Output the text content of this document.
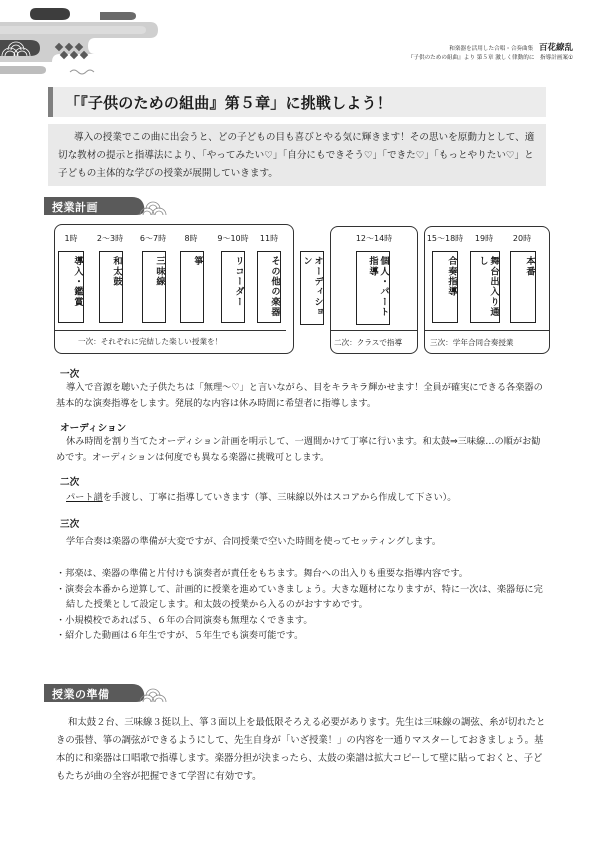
和楽器を活用した合唱・合奏曲集 百花繚乱
『子供のための組曲』より 第５章 激しく律動的に　指導計画案①
「『子供のための組曲』第５章」に挑戦しよう！
導入の授業でこの曲に出会うと、どの子どもの目も喜びとやる気に輝きます！その思いを原動力として、適切な教材の提示と指導法により、「やってみたい♡」「自分にもできそう♡」「できた♡」「もっとやりたい♡」と子どもの主体的な学びの授業が展開していきます。
授業計画
一次：それぞれに完結した楽しい授業を！
1時
導入・鑑賞
2〜3時
和太鼓
6〜7時
三味線
8時
箏
9〜10時
リコーダー
11時
その他の楽器	オーディション
12〜14時
個人・パート指導
二次：クラスで指導
15〜18時
合奏指導
19時
舞台出入り通し
20時
本番
三次：学年合同合奏授業
一次
導入で音源を聴いた子供たちは「無理〜♡」と言いながら、目をキラキラ輝かせます！全員が確実にできる各楽器の基本的な演奏指導をします。発展的な内容は休み時間に希望者に指導します。
オーディション
休み時間を割り当てたオーディション計画を明示して、一週間かけて丁寧に行います。和太鼓⇒三味線…の順がお勧めです。オーディションは何度でも異なる楽器に挑戦可とします。
二次
パート譜を手渡し、丁寧に指導していきます（箏、三味線以外はスコアから作成して下さい）。
三次
学年合奏は楽器の準備が大変ですが、合同授業で空いた時間を使ってセッティングします。
・邦楽は、楽器の準備と片付けも演奏者が責任をもちます。舞台への出入りも重要な指導内容です。
・演奏会本番から逆算して、計画的に授業を進めていきましょう。大きな題材になりますが、特に一次は、楽器毎に完結した授業として設定します。和太鼓の授業から入るのがおすすめです。
・小規模校であれば５、６年の合同演奏も無理なくできます。
・紹介した動画は６年生ですが、５年生でも演奏可能です。
授業の準備
和太鼓２台、三味線３挺以上、箏３面以上を最低限そろえる必要があります。先生は三味線の調弦、糸が切れたときの張替、箏の調弦ができるようにして、先生自身が「いざ授業！」の内容を一通りマスターしておきましょう。基本的に和楽器は口唱歌で指導します。楽器分担が決まったら、太鼓の楽譜は拡大コピーして壁に貼っておくと、子どもたちが曲の全容が把握できて学習に有効です。
